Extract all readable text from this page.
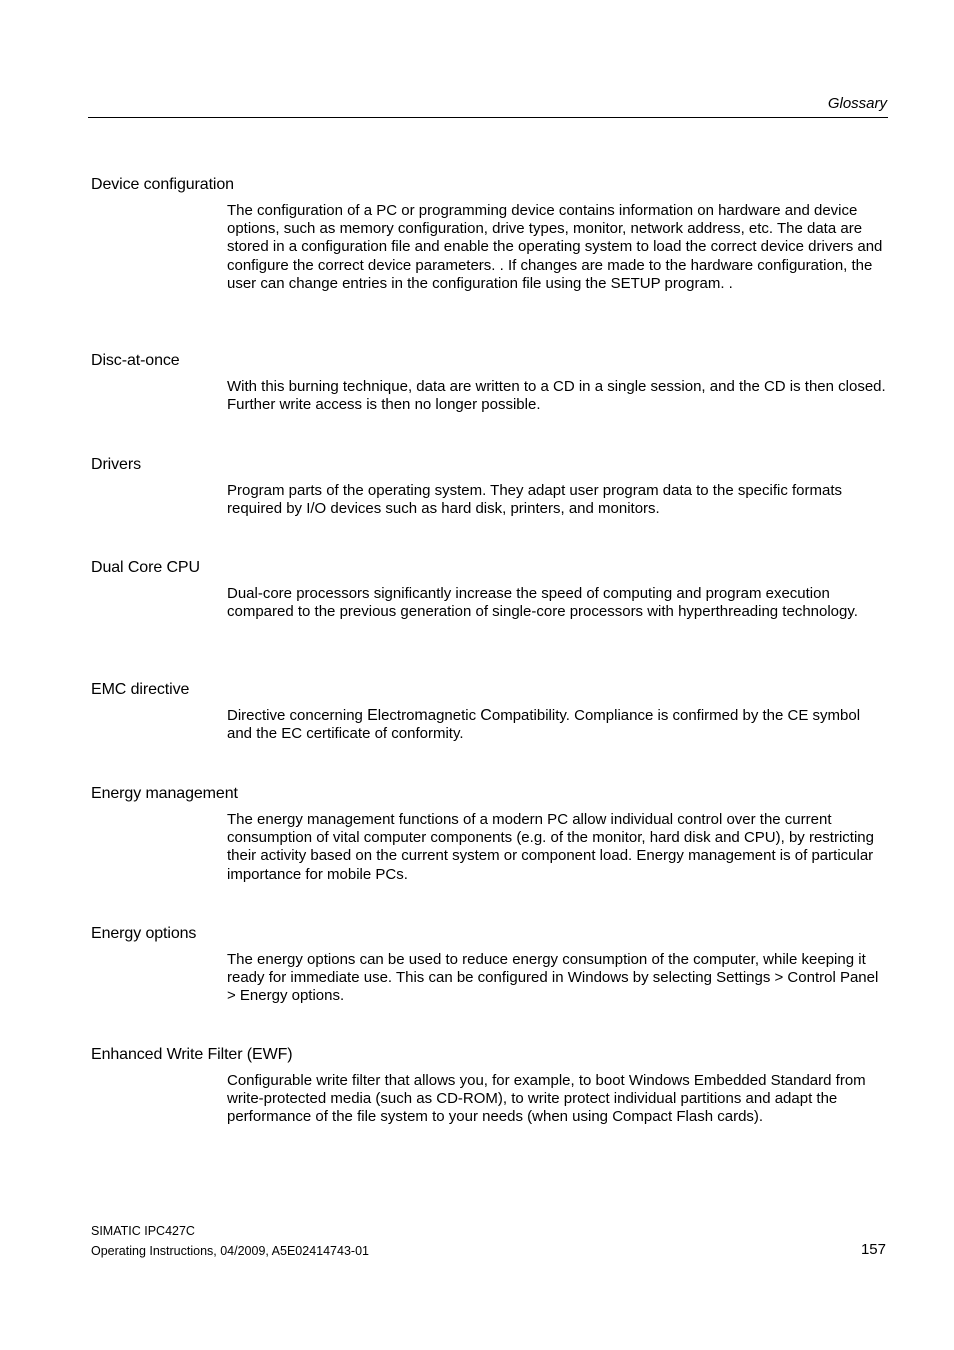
Glossary
Device configuration
The configuration of a PC or programming device contains information on hardware and device options, such as memory configuration, drive types, monitor, network address, etc. The data are stored in a configuration file and enable the operating system to load the correct device drivers and configure the correct device parameters. . If changes are made to the hardware configuration, the user can change entries in the configuration file using the SETUP program. .
Disc-at-once
With this burning technique, data are written to a CD in a single session, and the CD is then closed. Further write access is then no longer possible.
Drivers
Program parts of the operating system. They adapt user program data to the specific formats required by I/O devices such as hard disk, printers, and monitors.
Dual Core CPU
Dual-core processors significantly increase the speed of computing and program execution compared to the previous generation of single-core processors with hyperthreading technology.
EMC directive
Directive concerning Electromagnetic Compatibility. Compliance is confirmed by the CE symbol and the EC certificate of conformity.
Energy management
The energy management functions of a modern PC allow individual control over the current consumption of vital computer components (e.g. of the monitor, hard disk and CPU), by restricting their activity based on the current system or component load. Energy management is of particular importance for mobile PCs.
Energy options
The energy options can be used to reduce energy consumption of the computer, while keeping it ready for immediate use. This can be configured in Windows by selecting Settings > Control Panel > Energy options.
Enhanced Write Filter (EWF)
Configurable write filter that allows you, for example, to boot Windows Embedded Standard from write-protected media (such as CD-ROM), to write protect individual partitions and adapt the performance of the file system to your needs (when using Compact Flash cards).
SIMATIC IPC427C
Operating Instructions, 04/2009, A5E02414743-01	157
